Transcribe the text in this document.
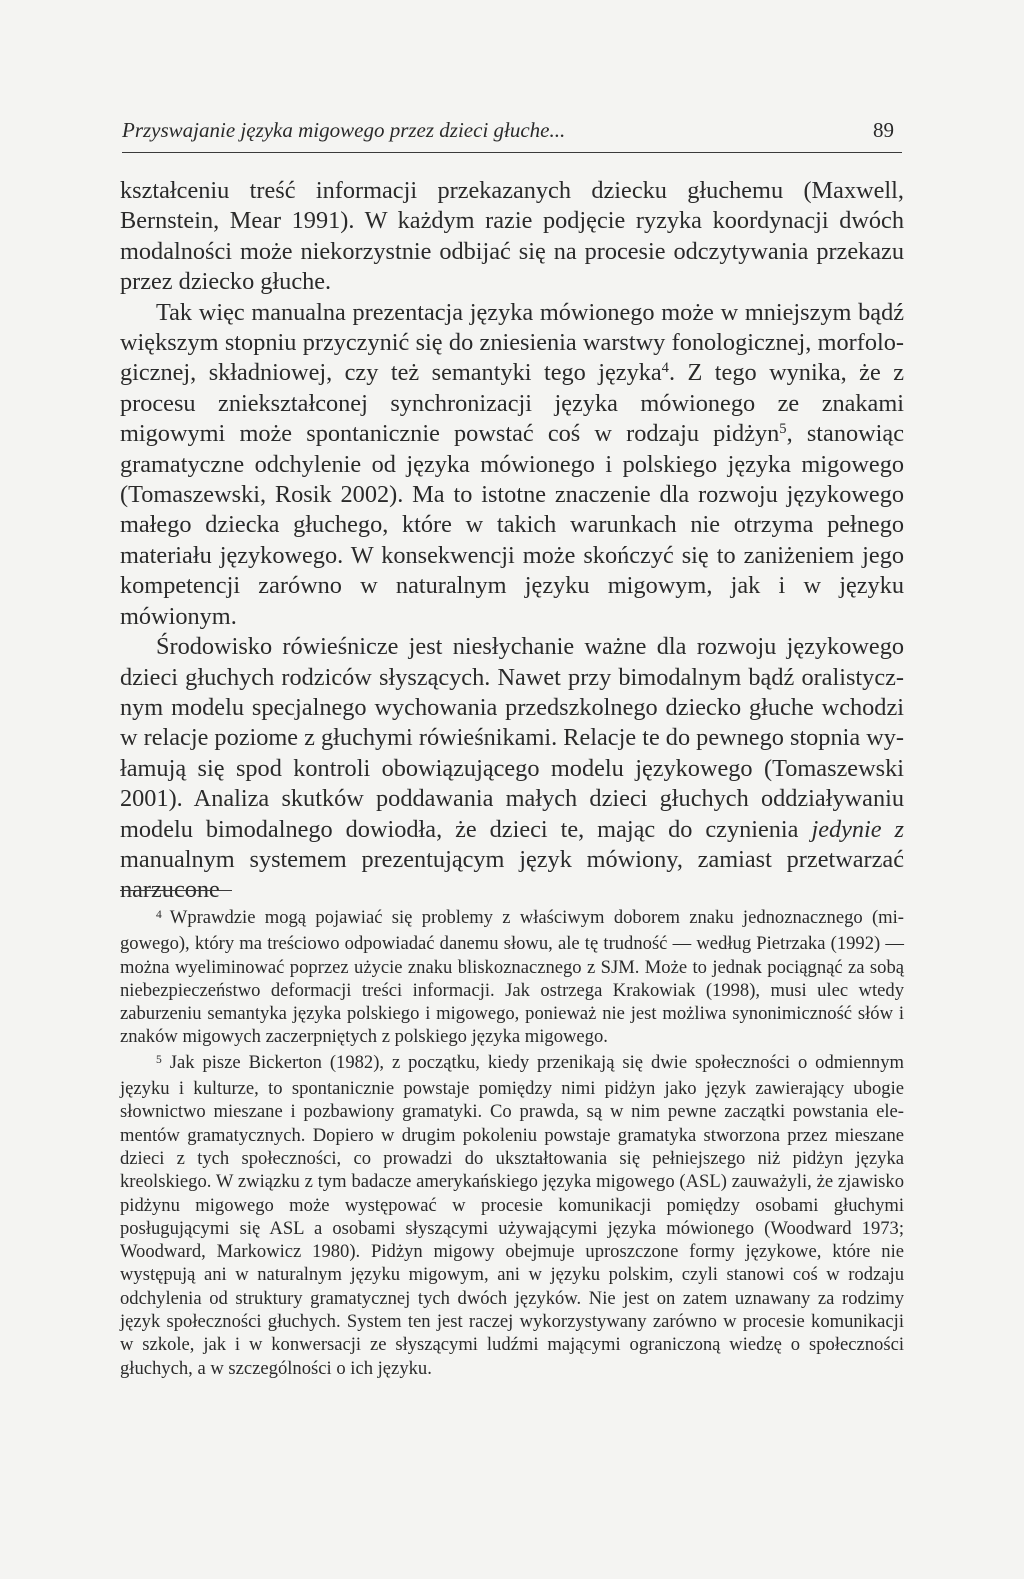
Przyswajanie języka migowego przez dzieci głuche...	89

kształceniu treść informacji przekazanych dziecku głuchemu (Maxwell, Bernstein, Mear 1991). W każdym razie podjęcie ryzyka koordynacji dwóch modalności może niekorzystnie odbijać się na procesie odczytywania przekazu przez dziecko głuche.

Tak więc manualna prezentacja języka mówionego może w mniejszym bądź większym stopniu przyczynić się do zniesienia warstwy fonologicznej, morfologicznej, składniowej, czy też semantyki tego języka$^4$. Z tego wynika, że z procesu zniekształconej synchronizacji języka mówionego ze znakami migowymi może spontanicznie powstać coś w rodzaju pidżyn$^5$, stanowiąc gramatyczne odchylenie od języka mówionego i polskiego języka migowego (Tomaszewski, Rosik 2002). Ma to istotne znaczenie dla rozwoju językowego małego dziecka głuchego, które w takich warunkach nie otrzyma pełnego materiału językowego. W konsekwencji może skończyć się to zaniżeniem jego kompetencji zarówno w naturalnym języku migowym, jak i w języku mówionym.

Środowisko rówieśnicze jest niesłychanie ważne dla rozwoju językowego dzieci głuchych rodziców słyszących. Nawet przy bimodalnym bądź oralistycznym modelu specjalnego wychowania przedszkolnego dziecko głuche wchodzi w relacje poziome z głuchymi rówieśnikami. Relacje te do pewnego stopnia wyłamują się spod kontroli obowiązującego modelu językowego (Tomaszewski 2001). Analiza skutków poddawania małych dzieci głuchych oddziaływaniu modelu bimodalnego dowiodła, że dzieci te, mając do czynienia jedynie z manualnym systemem prezentującym język mówiony, zamiast przetwarzać narzucone

$^4$ Wprawdzie mogą pojawiać się problemy z właściwym doborem znaku jednoznacznego (migowego), który ma treściowo odpowiadać danemu słowu, ale tę trudność — według Pietrzaka (1992) — można wyeliminować poprzez użycie znaku bliskoznacznego z SJM. Może to jednak pociągnąć za sobą niebezpieczeństwo deformacji treści informacji. Jak ostrzega Krakowiak (1998), musi ulec wtedy zaburzeniu semantyka języka polskiego i migowego, ponieważ nie jest możliwa synonimiczność słów i znaków migowych zaczerpniętych z polskiego języka migowego.

$^5$ Jak pisze Bickerton (1982), z początku, kiedy przenikają się dwie społeczności o odmiennym języku i kulturze, to spontanicznie powstaje pomiędzy nimi pidżyn jako język zawierający ubogie słownictwo mieszane i pozbawiony gramatyki. Co prawda, są w nim pewne zaczątki powstania elementów gramatycznych. Dopiero w drugim pokoleniu powstaje gramatyka stworzona przez mieszane dzieci z tych społeczności, co prowadzi do ukształtowania się pełniejszego niż pidżyn języka kreolskiego. W związku z tym badacze amerykańskiego języka migowego (ASL) zauważyli, że zjawisko pidżynu migowego może występować w procesie komunikacji pomiędzy osobami głuchymi posługującymi się ASL a osobami słyszącymi używającymi języka mówionego (Woodward 1973; Woodward, Markowicz 1980). Pidżyn migowy obejmuje uproszczone formy językowe, które nie występują ani w naturalnym języku migowym, ani w języku polskim, czyli stanowi coś w rodzaju odchylenia od struktury gramatycznej tych dwóch języków. Nie jest on zatem uznawany za rodzimy język społeczności głuchych. System ten jest raczej wykorzystywany zarówno w procesie komunikacji w szkole, jak i w konwersacji ze słyszącymi ludźmi mającymi ograniczoną wiedzę o społeczności głuchych, a w szczególności o ich języku.
